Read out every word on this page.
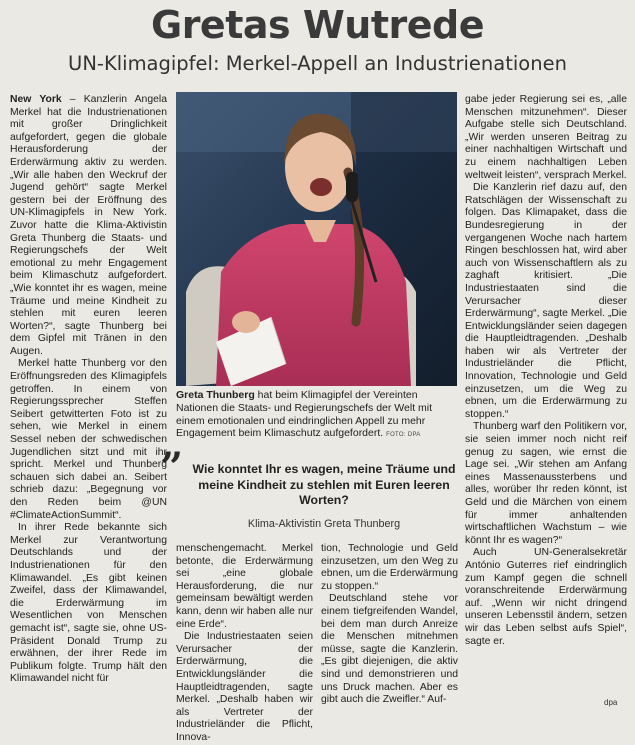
Gretas Wutrede
UN-Klimagipfel: Merkel-Appell an Industrienationen

New York – Kanzlerin Angela Merkel hat die Industrienationen mit großer Dringlichkeit aufgefordert, gegen die globale Herausforderung der Erderwärmung aktiv zu werden. „Wir alle haben den Weckruf der Jugend gehört“ sagte Merkel gestern bei der Eröffnung des UN-Klimagipfels in New York. Zuvor hatte die Klima-Aktivistin Greta Thunberg die Staats- und Regierungschefs der Welt emotional zu mehr Engagement beim Klimaschutz aufgefordert. „Wie konntet ihr es wagen, meine Träume und meine Kindheit zu stehlen mit euren leeren Worten?“, sagte Thunberg bei dem Gipfel mit Tränen in den Augen.

Merkel hatte Thunberg vor den Eröffnungsreden des Klimagipfels getroffen. In einem von Regierungssprecher Steffen Seibert getwitterten Foto ist zu sehen, wie Merkel in einem Sessel neben der schwedischen Jugendlichen sitzt und mit ihr spricht. Merkel und Thunberg schauen sich dabei an. Seibert schrieb dazu: „Begegnung vor den Reden beim @UN #ClimateActionSummit“.

In ihrer Rede bekannte sich Merkel zur Verantwortung Deutschlands und der Industrienationen für den Klimawandel. „Es gibt keinen Zweifel, dass der Klimawandel, die Erderwärmung im Wesentlichen von Menschen gemacht ist“, sagte sie, ohne US-Präsident Donald Trump zu erwähnen, der ihrer Rede im Publikum folgte. Trump hält den Klimawandel nicht für

Greta Thunberg hat beim Klimagipfel der Vereinten Nationen die Staats- und Regierungschefs der Welt mit einem emotionalen und eindringlichen Appell zu mehr Engagement beim Klimaschutz aufgefordert. FOTO: DPA
” Wie konntet Ihr es wagen, meine Träume und meine Kindheit zu stehlen mit Euren leeren Worten?
Klima-Aktivistin Greta Thunberg

menschengemacht. Merkel betonte, die Erderwärmung sei „eine globale Herausforderung, die nur gemeinsam bewältigt werden kann, denn wir haben alle nur eine Erde“.

Die Industriestaaten seien Verursacher der Erderwärmung, die Entwicklungsländer die Hauptleidtragenden, sagte Merkel. „Deshalb haben wir als Vertreter der Industrieländer die Pflicht, Innova-

tion, Technologie und Geld einzusetzen, um den Weg zu ebnen, um die Erderwärmung zu stoppen.“

Deutschland stehe vor einem tiefgreifenden Wandel, bei dem man durch Anreize die Menschen mitnehmen müsse, sagte die Kanzlerin. „Es gibt diejenigen, die aktiv sind und demonstrieren und uns Druck machen. Aber es gibt auch die Zweifler.“ Auf-

gabe jeder Regierung sei es, „alle Menschen mitzunehmen“. Dieser Aufgabe stelle sich Deutschland. „Wir werden unseren Beitrag zu einer nachhaltigen Wirtschaft und zu einem nachhaltigen Leben weltweit leisten“, versprach Merkel.

Die Kanzlerin rief dazu auf, den Ratschlägen der Wissenschaft zu folgen. Das Klimapaket, dass die Bundesregierung in der vergangenen Woche nach hartem Ringen beschlossen hat, wird aber auch von Wissenschaftlern als zu zaghaft kritisiert. „Die Industriestaaten sind die Verursacher dieser Erderwärmung“, sagte Merkel. „Die Entwicklungsländer seien dagegen die Hauptleidtragenden. „Deshalb haben wir als Vertreter der Industrieländer die Pflicht, Innovation, Technologie und Geld einzusetzen, um die Weg zu ebnen, um die Erderwärmung zu stoppen.“

Thunberg warf den Politikern vor, sie seien immer noch nicht reif genug zu sagen, wie ernst die Lage sei. „Wir stehen am Anfang eines Massenaussterbens und alles, worüber Ihr reden könnt, ist Geld und die Märchen von einem für immer anhaltenden wirtschaftlichen Wachstum – wie könnt Ihr es wagen?“

Auch UN-Generalsekretär António Guterres rief eindringlich zum Kampf gegen die schnell voranschreitende Erderwärmung auf. „Wenn wir nicht dringend unseren Lebensstil ändern, setzen wir das Leben selbst aufs Spiel“, sagte er.

dpa
